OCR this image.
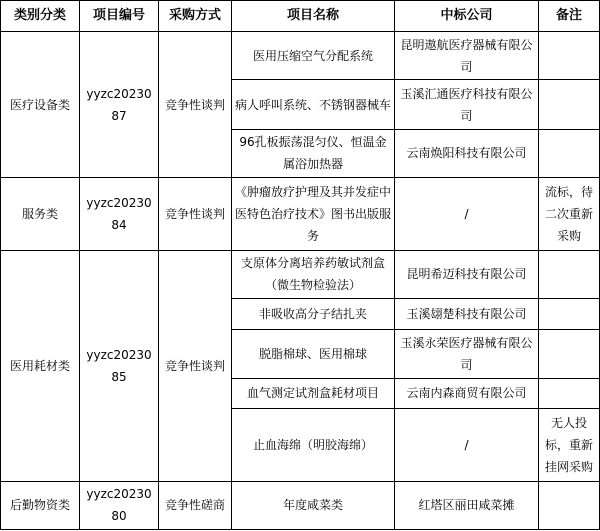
类别分类	项目编号	采购方式	项目名称	中标公司	备注
医疗设备类	yyzc2023087	竞争性谈判	医用压缩空气分配系统	昆明遨航医疗器械有限公司	
			病人呼叫系统、不锈钢器械车	玉溪汇通医疗科技有限公司	
			96孔板振荡混匀仪、恒温金属浴加热器	云南焕阳科技有限公司	
服务类	yyzc2023084	竞争性谈判	《肿瘤放疗护理及其并发症中医特色治疗技术》图书出版服务	/	流标，待二次重新采购
医用耗材类	yyzc2023085	竞争性谈判	支原体分离培养药敏试剂盒（微生物检验法）	昆明希迈科技有限公司	
			非吸收高分子结扎夹	玉溪翃楚科技有限公司	
			脱脂棉球、医用棉球	玉溪永荣医疗器械有限公司	
			血气测定试剂盒耗材项目	云南内森商贸有限公司	
			止血海绵（明胶海绵）	/	无人投标，重新挂网采购
后勤物资类	yyzc2023080	竞争性磋商	年度咸菜类	红塔区丽田咸菜摊	
